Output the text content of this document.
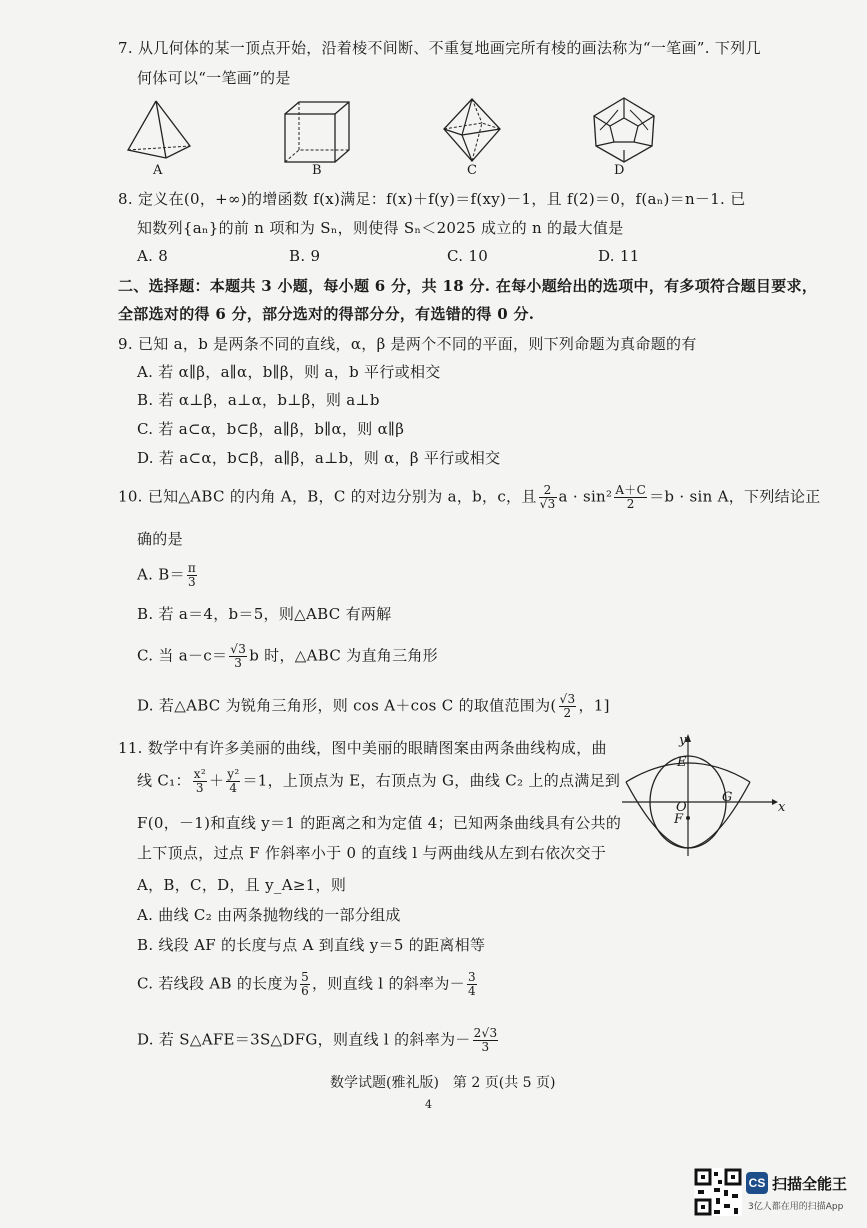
7. 从几何体的某一顶点开始，沿着棱不间断、不重复地画完所有棱的画法称为“一笔画”. 下列几
何体可以“一笔画”的是
A	B	C	D
8. 定义在(0，+∞)的增函数 f(x)满足：f(x)＋f(y)＝f(xy)－1，且 f(2)＝0，f(aₙ)＝n－1. 已
知数列{aₙ}的前 n 项和为 Sₙ，则使得 Sₙ＜2025 成立的 n 的最大值是
A. 8	B. 9	C. 10	D. 11
二、选择题：本题共 3 小题，每小题 6 分，共 18 分. 在每小题给出的选项中，有多项符合题目要求，
全部选对的得 6 分，部分选对的得部分分，有选错的得 0 分.
9. 已知 a，b 是两条不同的直线，α，β 是两个不同的平面，则下列命题为真命题的有
A. 若 α∥β，a∥α，b∥β，则 a，b 平行或相交
B. 若 α⊥β，a⊥α，b⊥β，则 a⊥b
C. 若 a⊂α，b⊂β，a∥β，b∥α，则 α∥β
D. 若 a⊂α，b⊂β，a∥β，a⊥b，则 α，β 平行或相交
10. 已知△ABC 的内角 A，B，C 的对边分别为 a，b，c，且 $\frac{2}{√3}$ $a \cdot \sin^2 \frac{A+C}{2} =b \cdot \sin A$，下列结论正
确的是
A. $B= \frac{\pi}{3}$
B. 若 a＝4，b＝5，则△ABC 有两解
C. 当 $a-c= \frac{√3}{3}$ b 时，△ABC 为直角三角形
D. 若△ABC 为锐角三角形，则 cos A＋cos C 的取值范围为( $\frac{√3}{2}$ ，1]
11. 数学中有许多美丽的曲线，图中美丽的眼睛图案由两条曲线构成，曲
线 C₁： $\frac{\text{x²}}{3} + \frac{\text{y²}}{4} =1$，上顶点为 E，右顶点为 G，曲线 C₂ 上的点满足到
F(0，－1)和直线 y＝1 的距离之和为定值 4；已知两条曲线具有公共的
上下顶点，过点 F 作斜率小于 0 的直线 l 与两曲线从左到右依次交于
A，B，C，D，且 y_A≥1，则
A. 曲线 C₂ 由两条抛物线的一部分组成
B. 线段 AF 的长度与点 A 到直线 y＝5 的距离相等
C. 若线段 AB 的长度为 $\frac{5}{6}$ ，则直线 l 的斜率为－ $\frac{3}{4}$
D. 若 S△AFE＝3S△DFG，则直线 l 的斜率为－ $\frac{2√3}{3}$
y
x
E
O
F
G
数学试题(雅礼版)　第 2 页(共 5 页)
4
CS 扫描全能王
3亿人都在用的扫描App
